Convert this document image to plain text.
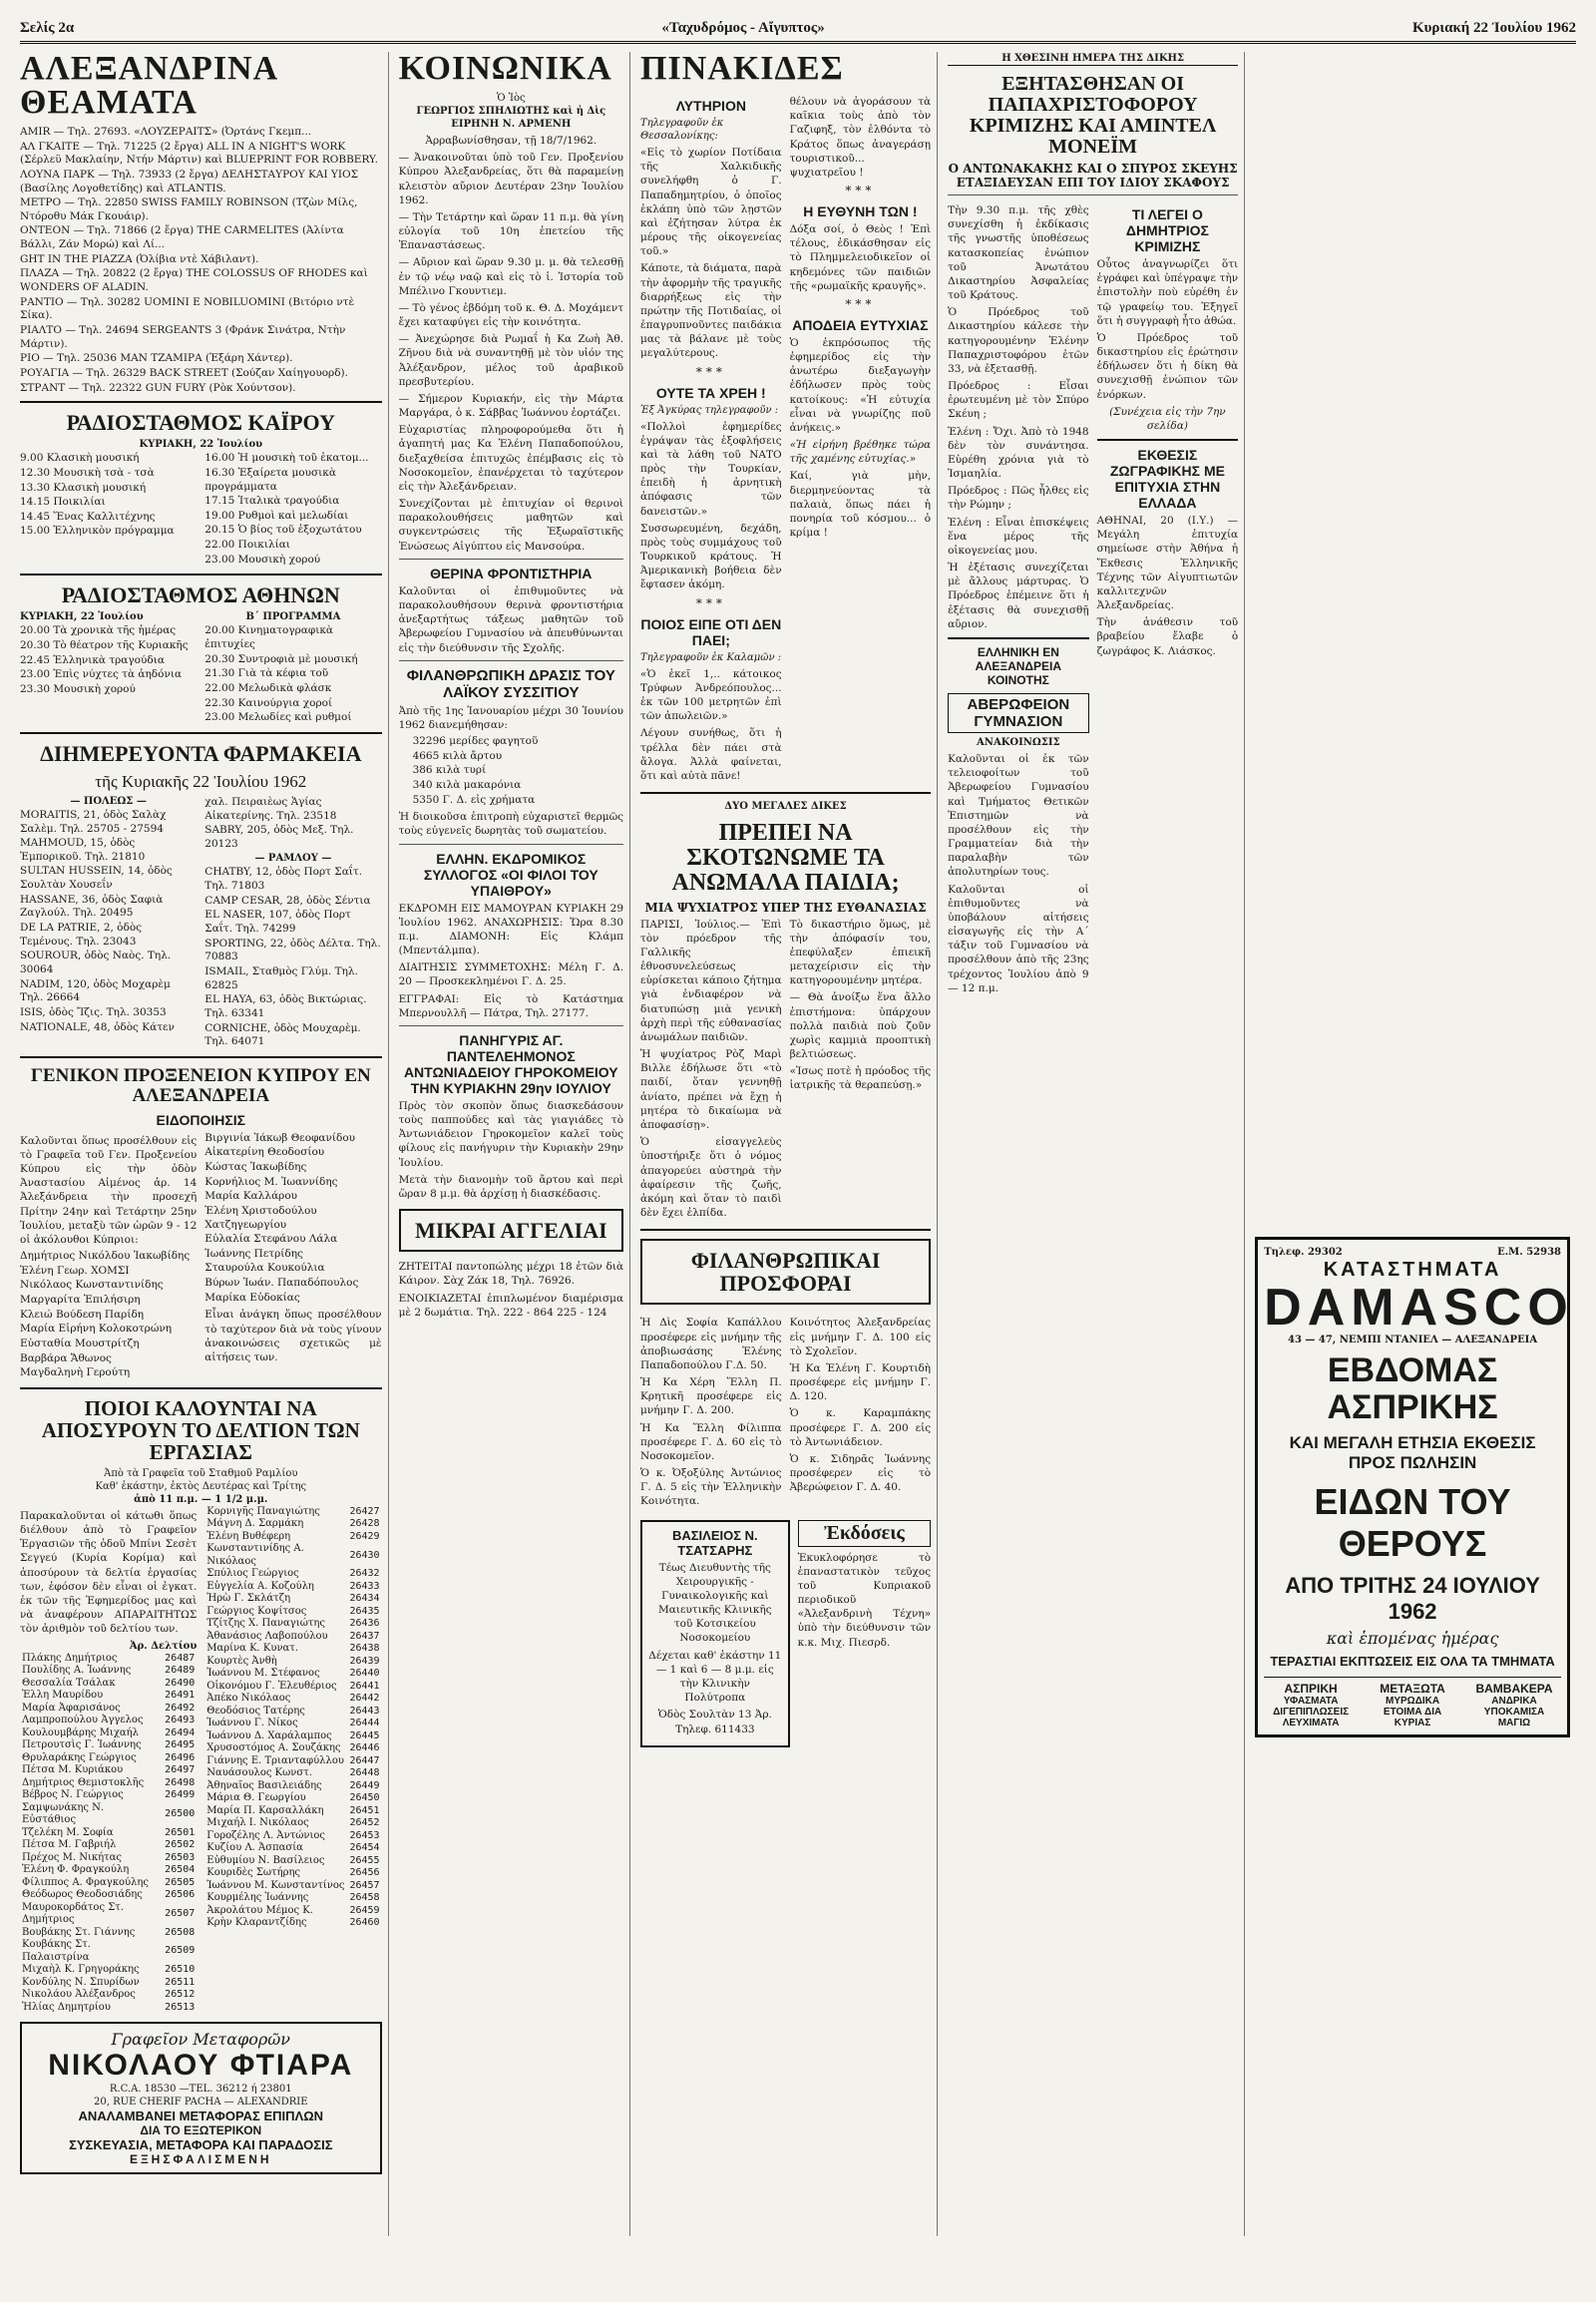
Σελίς 2α	«Ταχυδρόμος - Αἴγυπτος»	Κυριακή 22 Ἰουλίου 1962
ΑΛΕΞΑΝΔΡΙΝΑ ΘΕΑΜΑΤΑ
AMIR — Τηλ. 27693. «ΛΟΥΖΕΡΑΙΤΣ» (Ὀρτάνς Γκεμπ...
ΑΛ ΓΚΑΙΤΕ — Τηλ. 71225 (2 ἔργα) ALL IN A NIGHT'S WORK (Σέρλεϋ Μακλαίην, Ντήν Μάρτιν) καὶ BLUEPRINT FOR ROBBERY.
ΛΟΥΝΑ ΠΑΡΚ — Τηλ. 73933 (2 ἔργα) ΔΕΛΗΣΤΑΥΡΟΥ ΚΑΙ ΥΙΟΣ (Βασίλης Λογοθετίδης) καὶ ATLANTIS.
ΜΕΤΡΟ — Τηλ. 22850 SWISS FAMILY ROBINSON (Τζὼν Μίλς, Ντόροθυ Μάκ Γκουάιρ).
ΟΝΤΕΟΝ — Τηλ. 71866 (2 ἔργα) THE CARMELITES (Ἀλίντα Βάλλι, Ζάν Μορώ) καὶ Λί...
GHT IN THE PIAZZA (Ὀλίβια ντὲ Χάβιλαντ).
ΠΛΑΖΑ — Τηλ. 20822 (2 ἔργα) THE COLOSSUS OF RHODES καὶ WONDERS OF ALADIN.
ΡΑΝΤΙΟ — Τηλ. 30282 UOMINI E NOBILUOMINI (Βιτόριο ντὲ Σίκα).
ΡΙΑΛΤΟ — Τηλ. 24694 SERGEANTS 3 (Φράνκ Σινάτρα, Ντὴν Μάρτιν).
ΡΙΟ — Τηλ. 25036 ΜΑΝ ΤΖΑΜΙΡΑ (Ἐξάρη Χάντερ).
ΡΟΥΑΓΙΑ — Τηλ. 26329 BACK STREET (Σούζαν Χαίηγουορδ).
ΣΤΡΑΝΤ — Τηλ. 22322 GUN FURY (Ρὸκ Χούντσον).
ΡΑΔΙΟΣΤΑΘΜΟΣ ΚΑΪΡΟΥ
ΚΥΡΙΑΚΗ, 22 Ἰουλίου
9.00 Κλασικὴ μουσική
12.30 Μουσικὴ τσὰ - τσὰ
13.30 Κλασικὴ μουσική
14.15 Ποικιλίαι
14.45 Ἕνας Καλλιτέχνης
15.00 Ἑλληνικὸν πρόγραμμα
16.00 Ἡ μουσικὴ τοῦ ἑκατομ...
16.30 Ἐξαίρετα μουσικὰ προγράμματα
17.15 Ἰταλικὰ τραγούδια
19.00 Ρυθμοὶ καὶ μελωδίαι
20.15 Ὁ βίος τοῦ ἐξοχωτάτου
22.00 Ποικιλίαι
23.00 Μουσικὴ χορού
ΡΑΔΙΟΣΤΑΘΜΟΣ ΑΘΗΝΩΝ
ΚΥΡΙΑΚΗ, 22 Ἰουλίου	Β΄ ΠΡΟΓΡΑΜΜΑ
20.00 Τὰ χρονικὰ τῆς ἡμέρας
20.30 Τὸ θέατρον τῆς Κυριακῆς
22.45 Ἑλληνικὰ τραγούδια
23.00 Ἐπὶς νύχτες τὰ ἀηδόνια
23.30 Μουσικὴ χορού
20.00 Κινηματογραφικὰ ἐπιτυχίες
20.30 Συντροφιὰ μὲ μουσική
21.30 Γιὰ τὰ κέφια τοῦ
22.00 Μελωδικὰ φλάσκ
22.30 Καινούργια χοροί
23.00 Μελωδίες καὶ ρυθμοί
ΔΙΗΜΕΡΕΥΟΝΤΑ ΦΑΡΜΑΚΕΙΑ
τῆς Κυριακῆς 22 Ἰουλίου 1962
— ΠΟΛΕΩΣ —
MORAITIS, 21, ὁδὸς Σαλὰχ Σαλὲμ. Τηλ. 25705 - 27594
MAHMOUD, 15, ὁδὸς Ἐμπορικοῦ. Τηλ. 21810
SULTAN HUSSEIN, 14, ὁδὸς Σουλτὰν Χουσεΐν
HASSANE, 36, ὁδὸς Σαφιὰ Ζαγλούλ. Τηλ. 20495
DE LA PATRIE, 2, ὁδὸς Τεμένους. Τηλ. 23043
SOUROUR, ὁδὸς Ναὸς. Τηλ. 30064
NADIM, 120, ὁδὸς Μοχαρὲμ Τηλ. 26664
ISIS, ὁδὸς Ἴζις. Τηλ. 30353
NATIONALE, 48, ὁδὸς Κάτεν
χαλ. Πειραιὲως Ἁγίας Αἰκατερίνης. Τηλ. 23518
SABRY, 205, ὁδὸς Μεξ. Τηλ. 20123
— ΡΑΜΛΟΥ —
CHATBY, 12, ὁδὸς Πορτ Σαΐτ. Τηλ. 71803
CAMP CESAR, 28, ὁδὸς Σέντια
EL NASER, 107, ὁδὸς Πορτ Σαΐτ. Τηλ. 74299
SPORTING, 22, ὁδὸς Δέλτα. Τηλ. 70883
ISMAIL, Σταθμὸς Γλύμ. Τηλ. 62825
EL HAYA, 63, ὁδὸς Βικτώριας. Τηλ. 63341
CORNICHE, ὁδὸς Μουχαρὲμ. Τηλ. 64071
ΓΕΝΙΚΟΝ ΠΡΟΞΕΝΕΙΟΝ ΚΥΠΡΟΥ ΕΝ ΑΛΕΞΑΝΔΡΕΙΑ
ΕΙΔΟΠΟΙΗΣΙΣ

Καλοῦνται ὅπως προσέλθουν εἰς τὸ Γραφεῖα τοῦ Γεν. Προξενείου Κύπρου εἰς τὴν ὁδὸν Ἀναστασίου Αἰμένος ἀρ. 14 Ἀλεξάνδρεια τὴν προσεχῆ Πρίτην 24ην καὶ Τετάρτην 25ην Ἰουλίου, μεταξὺ τῶν ὡρῶν 9 - 12 οἱ ἀκόλουθοι Κύπριοι:

Δημήτριος Νικόλδου Ἰακωβίδης
Ἑλένη Γεωρ. ΧΟΜΣΙ
Νικόλαος Κωνσταντινίδης
Μαργαρίτα Ἐπιλήσιρη
Κλειώ Βούδεση Παρίδη
Μαρία Εἰρήνη Κολοκοτρώνη
Εὐσταθία Μουστρίτζη
Βαρβάρα Ἄθωνος
Μαγδαληνὴ Γερούτη
Βιργινία Ἰάκωβ Θεοφανίδου
Αἰκατερίνη Θεοδοσίου
Κώστας Ἰακωβίδης
Κορνήλιος Μ. Ἰωαννίδης
Μαρία Καλλάρου
Ἑλένη Χριστοδούλου Χατζηγεωργίου
Εὐλαλία Στεφάνου Λάλα
Ἰωάννης Πετρίδης
Σταυρούλα Κουκούλια
Βύρων Ἰωάν. Παπαδόπουλος
Μαρίκα Εὐδοκίας

Εἶναι ἀνάγκη ὅπως προσέλθουν τὸ ταχύτερον διὰ νὰ τοὺς γίνουν ἀνακοινώσεις σχετικῶς μὲ αἰτήσεις των.

ΠΟΙΟΙ ΚΑΛΟΥΝΤΑΙ ΝΑ ΑΠΟΣΥΡΟΥΝ ΤΟ ΔΕΛΤΙΟΝ ΤΩΝ ΕΡΓΑΣΙΑΣ
Ἀπὸ τὰ Γραφεῖα τοῦ Σταθμοῦ Ραμλίου
Καθ' ἑκάστην, ἐκτὸς Δευτέρας καὶ Τρίτης
ἀπὸ 11 π.μ. — 1 1/2 μ.μ.

Παρακαλοῦνται οἱ κάτωθι ὅπως διέλθουν ἀπὸ τὸ Γραφεῖον Ἐργασιῶν τῆς ὁδοῦ Μπίνι Σεσὲτ Σεγγεύ (Κυρία Κορίμα) καὶ ἀποσύρουν τὰ δελτία ἐργασίας των, ἐφόσον δὲν εἶναι οἱ ἐγκατ. ἐκ τῶν τῆς Ἐφημερίδος μας καὶ νὰ ἀναφέρουν ΑΠΑΡΑΙΤΗΤΩΣ τὸν ἀριθμὸν τοῦ δελτίου των.

Ἀρ. Δελτίου
Πλάκης Δημήτριος	26487
Πουλίδης Α. Ἰωάννης	26489
Θεσσαλία Τσάλακ	26490
Ἑλλη Μαυρίδου	26491
Μαρία Ἀφαρισάνος	26492
Λαμπροπούλου Ἀγγελος	26493
Κουλουμβάρης Μιχαήλ	26494
Πετρουτσὶς Γ. Ἰωάννης	26495
Θρυλαράκης Γεώργιος	26496
Πέτσα Μ. Κυριάκου	26497
Δημήτριος Θεμιστοκλῆς	26498
Βέβρος Ν. Γεώργιος	26499
Σαμψωνάκης Ν. Εὐστάθιος	26500
Τζελέκη Μ. Σοφία	26501
Πέτσα Μ. Γαβριήλ	26502
Πρέχος Μ. Νικήτας	26503
Ἑλένη Φ. Φραγκούλη	26504
Φίλιππος Α. Φραγκούλης	26505
Θεόδωρος Θεοδοσιάδης	26506
Μαυροκορδάτος Στ. Δημήτριος	26507
Βουβάκης Στ. Γιάννης	26508
Κουβάκης Στ. Παλαιστρίνα	26509
Μιχαὴλ Κ. Γρηγοράκης	26510
Κονδύλης Ν. Σπυρίδων	26511
Νικολάου Ἀλέξανδρος	26512
Ἠλίας Δημητρίου	26513
Κορνιγῆς Παναγιώτης	26427
Μάγνη Δ. Σαρμάκη	26428
Ἑλένη Βυθέφερη	26429
Κωνσταντινίδης Α. Νικόλαος	26430
Σπύλιος Γεώργιος	26432
Εὐγγελία Α. Κοζούλη	26433
Ἠρὼ Γ. Σκλάτζη	26434
Γεώργιος Κοψίτσος	26435
Τζίτζης Χ. Παναγιώτης	26436
Ἀθανάσιος Λαβοπούλου	26437
Μαρίνα Κ. Κυνατ.	26438
Κουρτὲς Ἀνθὴ	26439
Ἰωάννου Μ. Στέφανος	26440
Οἰκονόμου Γ. Ἐλευθέριος	26441
Ἀπέκο Νικόλαος	26442
Θεοδόσιος Τατέρης	26443
Ἰωάννου Γ. Νίκος	26444
Ἰωάννου Δ. Χαράλαμπος	26445
Χρυσοστόμος Α. Σουζάκης	26446
Γιάννης Ε. Τριανταφύλλου	26447
Ναυάσουλος Κωνστ.	26448
Ἀθηναῖος Βασιλειάδης	26449
Μάρια Θ. Γεωργίου	26450
Μαρία Π. Καρσαλλάκη	26451
Μιχαήλ Ι. Νικόλαος	26452
Γοροζέλης Λ. Ἀντώνιος	26453
Κυζίου Λ. Ἀσπασία	26454
Εὐθυμίου Ν. Βασίλειος	26455
Κουριδὲς Σωτήρης	26456
Ἰωάννου Μ. Κωνσταντίνος	26457
Κουρμέλης Ἰωάννης	26458
Ἀκρολάτου Μέμος Κ.	26459
Κρὴν Κλαραντζίδης	26460
Γραφεῖον Μεταφορῶν
ΝΙΚΟΛΑΟΥ ΦΤΙΑΡΑ
R.C.A. 18530 —TEL. 36212 ή 23801
20, RUE CHERIF PACHA — ALEXANDRIE
ΑΝΑΛΑΜΒΑΝΕΙ ΜΕΤΑΦΟΡΑΣ ΕΠΙΠΛΩΝ
ΔΙΑ ΤΟ ΕΞΩΤΕΡΙΚΟΝ
ΣΥΣΚΕΥΑΣΙΑ, ΜΕΤΑΦΟΡΑ ΚΑΙ ΠΑΡΑΔΟΣΙΣ
ΕΞΗΣΦΑΛΙΣΜΕΝΗ
ΚΟΙΝΩΝΙΚΑ
Ὁ Ἰὸς
ΓΕΩΡΓΙΟΣ ΣΠΗΛΙΩΤΗΣ καὶ ἡ Δὶς ΕΙΡΗΝΗ Ν. ΑΡΜΕΝΗ

Ἀρραβωνίσθησαν, τῇ 18/7/1962.

— Ἀνακοινοῦται ὑπὸ τοῦ Γεν. Προξενίου Κύπρου Ἀλεξανδρείας, ὅτι θὰ παραμείνῃ κλειστὸν αὔριον Δευτέραν 23ην Ἰουλίου 1962.

— Τὴν Τετάρτην καὶ ὥραν 11 π.μ. θὰ γίνη εὐλογία τοῦ 10η ἐπετείου τῆς Ἐπαναστάσεως.

— Αὔριον καὶ ὥραν 9.30 μ. μ. θὰ τελεσθῇ ἐν τῷ νέῳ ναῷ καὶ εἰς τὸ ἱ. Ἱστορία τοῦ Μπέλινο Γκουντιεμ.

— Τὸ γένος ἐβδόμη τοῦ κ. Θ. Δ. Μοχάμεντ ἔχει καταφύγει εἰς τὴν κοινότητα.

— Ἀνεχώρησε διὰ Ρωμαΐ ἡ Κα Ζωὴ Ἀθ. Ζῆνου διὰ νὰ συναντηθῇ μὲ τὸν υἱόν της Ἀλέξανδρον, μέλος τοῦ ἀραβικοῦ πρεσβυτερίου.

— Σήμερον Κυριακήν, εἰς τὴν Μάρτα Μαργάρα, ὁ κ. Σάββας Ἰωάννου ἑορτάζει.

Εὐχαριστίας πληροφορούμεθα ὅτι ἡ ἀγαπητή μας Κα Ἑλένη Παπαδοπούλου, διεξαχθείσα ἐπιτυχῶς ἐπέμβασις εἰς τὸ Νοσοκομεῖον, ἐπανέρχεται τὸ ταχύτερον εἰς τὴν Ἀλεξάνδρειαν.

Συνεχίζονται μὲ ἐπιτυχίαν οἱ θερινοὶ παρακολουθήσεις μαθητῶν καὶ συγκεντρώσεις τῆς Ἐξωραϊστικῆς Ἑνώσεως Αἰγύπτου εἰς Μανσούρα.

ΘΕΡΙΝΑ ΦΡΟΝΤΙΣΤΗΡΙΑ

Καλοῦνται οἱ ἐπιθυμοῦντες νὰ παρακολουθήσουν θερινὰ φροντιστήρια ἀνεξαρτήτως τάξεως μαθητῶν τοῦ Ἀβερωφείου Γυμνασίου νὰ ἀπευθύνωνται εἰς τὴν διεύθυνσιν τῆς Σχολῆς.

ΦΙΛΑΝΘΡΩΠΙΚΗ ΔΡΑΣΙΣ ΤΟΥ ΛΑΪΚΟΥ ΣΥΣΣΙΤΙΟΥ

Ἀπὸ τῆς 1ης Ἰανουαρίου μέχρι 30 Ἰουνίου 1962 διανεμήθησαν:

32296 μερίδες φαγητοῦ
4665 κιλὰ ἄρτου
386 κιλὰ τυρί
340 κιλὰ μακαρόνια
5350 Γ. Δ. εἰς χρήματα

Ἡ διοικοῦσα ἐπιτροπὴ εὐχαριστεῖ θερμῶς τοὺς εὐγενεῖς δωρητὰς τοῦ σωματείου.

ΕΛΛΗΝ. ΕΚΔΡΟΜΙΚΟΣ ΣΥΛΛΟΓΟΣ «ΟΙ ΦΙΛΟΙ ΤΟΥ ΥΠΑΙΘΡΟΥ»

ΕΚΔΡΟΜΗ ΕΙΣ ΜΑΜΟΥΡΑΝ ΚΥΡΙΑΚΗ 29 Ἰουλίου 1962. ΑΝΑΧΩΡΗΣΙΣ: Ὥρα 8.30 π.μ. ΔΙΑΜΟΝΗ: Εἰς Κλάμπ (Μπεντάλμπα).

ΔΙΑΙΤΗΣΙΣ ΣΥΜΜΕΤΟΧΗΣ: Μέλη Γ. Δ. 20 — Προσκεκλημένοι Γ. Δ. 25.

ΕΓΓΡΑΦΑΙ: Εἰς τὸ Κατάστημα Μπερνουλλῆ — Πάτρα, Τηλ. 27177.

ΠΑΝΗΓΥΡΙΣ ΑΓ. ΠΑΝΤΕΛΕΗΜΟΝΟΣ ΑΝΤΩΝΙΑΔΕΙΟΥ ΓΗΡΟΚΟΜΕΙΟΥ ΤΗΝ ΚΥΡΙΑΚΗΝ 29ην ΙΟΥΛΙΟΥ

Πρὸς τὸν σκοπὸν ὅπως διασκεδάσουν τοὺς παππούδες καὶ τὰς γιαγιάδες τὸ Ἀντωνιάδειον Γηροκομεῖον καλεῖ τοὺς φίλους εἰς πανήγυριν τὴν Κυριακὴν 29ην Ἰουλίου.

Μετὰ τὴν διανομὴν τοῦ ἄρτου καὶ περὶ ὥραν 8 μ.μ. θὰ ἀρχίσῃ ἡ διασκέδασις.

ΜΙΚΡΑΙ ΑΓΓΕΛΙΑΙ

ΖΗΤΕΙΤΑΙ παντοπώλης μέχρι 18 ἐτῶν διὰ Κάιρον. Σὰχ Ζάκ 18, Τηλ. 76926.

ΕΝΟΙΚΙΑΖΕΤΑΙ ἐπιπλωμένον διαμέρισμα μὲ 2 δωμάτια. Τηλ. 222 - 864 225 - 124

ΠΙΝΑΚΙΔΕΣ
ΛΥΤΗΡΙΟΝ
Τηλεγραφοῦν ἐκ Θεσσαλονίκης:

«Εἰς τὸ χωρίον Ποτίδαια τῆς Χαλκιδικῆς συνελήφθη ὁ Γ. Παπαδημητρίου, ὁ ὁποῖος ἐκλάπη ὑπὸ τῶν λῃστῶν καὶ ἐζήτησαν λύτρα ἐκ μέρους τῆς οἰκογενείας τοῦ.»

Κάποτε, τὰ διάματα, παρὰ τὴν ἀφορμὴν τῆς τραγικῆς διαρρήξεως εἰς τὴν πρώτην τῆς Ποτιδαίας, οἱ ἐπαγρυπνοῦντες παιδάκια μας τὰ βάλανε μὲ τοὺς μεγαλύτερους.

***
ΟΥΤΕ ΤΑ ΧΡΕΗ !
Ἐξ Ἀγκύρας τηλεγραφοῦν :

«Πολλοὶ ἐφημερίδες ἐγράψαν τὰς ἐξοφλήσεις καὶ τὰ λάθη τοῦ ΝΑΤΟ πρὸς τὴν Τουρκίαν, ἐπειδὴ ἡ ἀρνητικὴ ἀπόφασις τῶν δανειστῶν.»

Συσσωρευμένη, δεχάδη, πρὸς τοὺς συμμάχους τοῦ Τουρκικοῦ κράτους. Ἡ Ἀμερικανικὴ βοήθεια δὲν ἔφτασεν ἀκόμη.

***
ΠΟΙΟΣ ΕΙΠΕ ΟΤΙ ΔΕΝ ΠΑΕΙ;
Τηλεγραφοῦν ἐκ Καλαμῶν :

«Ὁ ἐκεῖ 1,.. κάτοικος Τρύφων Ἀνδρεόπουλος... ἐκ τῶν 100 μετρητῶν ἐπὶ τῶν ἀπωλειῶν.»

Λέγουν συνήθως, ὅτι ἡ τρέλλα δὲν πάει στὰ ἄλογα. Ἀλλὰ φαίνεται, ὅτι καὶ αὐτὰ πᾶνε!

θέλουν νὰ ἀγοράσουν τὰ καῖκια τοὺς ἀπὸ τὸν Γαζιφηξ, τὸν ἐλθόντα τὸ Κράτος ὅπως ἀναγεράσῃ τουριστικοῦ... ψυχιατρεῖου !

***
Η ΕΥΘΥΝΗ ΤΩΝ !

Δόξα σοί, ὁ Θεὸς ! Ἐπὶ τέλους, ἐδικάσθησαν εἰς τὸ Πλημμελειοδικεῖον οἱ κηδεμόνες τῶν παιδιῶν τῆς «ρωμαϊκῆς κραυγῆς».

***
ΑΠΟΔΕΙΑ ΕΥΤΥΧΙΑΣ

Ὁ ἐκπρόσωπος τῆς ἐφημερίδος εἰς τὴν ἀνωτέρω διεξαγωγὴν ἐδήλωσεν πρὸς τοὺς κατοίκους: «Ἡ εὐτυχία εἶναι νὰ γνωρίζης ποῦ ἀνήκεις.»

«Ἡ εἰρήνη βρέθηκε τώρα τῆς χαμένης εὐτυχίας.»

Καί, γιὰ μὴν, διερμηνεύοντας τὰ παλαιὰ, ὅπως πάει ἡ πονηρία τοῦ κόσμου... ὁ κρίμα !

ΔΥΟ ΜΕΓΑΛΕΣ ΔΙΚΕΣ
ΠΡΕΠΕΙ ΝΑ ΣΚΟΤΩΝΩΜΕ ΤΑ ΑΝΩΜΑΛΑ ΠΑΙΔΙΑ;
ΜΙΑ ΨΥΧΙΑΤΡΟΣ ΥΠΕΡ ΤΗΣ ΕΥΘΑΝΑΣΙΑΣ

ΠΑΡΙΣΙ, Ἰούλιος.— Ἐπὶ τὸν πρόεδρον τῆς Γαλλικῆς ἐθνοσυνελεύσεως εὑρίσκεται κάποιο ζήτημα γιὰ ἐνδιαφέρον νὰ διατυπώσῃ μιὰ γενικὴ ἀρχὴ περὶ τῆς εὐθανασίας ἀνωμάλων παιδιῶν.

Ἡ ψυχίατρος Ρὸζ Μαρὶ Βιλλε ἐδήλωσε ὅτι «τὸ παιδί, ὅταν γεννηθῇ ἀνίατο, πρέπει νὰ ἔχῃ ἡ μητέρα τὸ δικαίωμα νὰ ἀποφασίσῃ».

Ὁ εἰσαγγελεὺς ὑποστήριξε ὅτι ὁ νόμος ἀπαγορεύει αὐστηρὰ τὴν ἀφαίρεσιν τῆς ζωῆς, ἀκόμη καὶ ὅταν τὸ παιδὶ δὲν ἔχει ἐλπίδα.

Τὸ δικαστήριο ὅμως, μὲ τὴν ἀπόφασίν του, ἐπεφύλαξεν ἐπιεικῆ μεταχείρισιν εἰς τὴν κατηγορουμένην μητέρα.

— Θὰ ἀνοίξω ἕνα ἄλλο ἐπιστήμονα: ὑπάρχουν πολλὰ παιδιὰ ποὺ ζοῦν χωρὶς καμμιὰ προοπτικὴ βελτιώσεως.

«Ἰσως ποτὲ ἡ πρόοδος τῆς ἰατρικῆς τὰ θεραπεύσῃ.»

ΦΙΛΑΝΘΡΩΠΙΚΑΙ ΠΡΟΣΦΟΡΑΙ

Ἡ Δὶς Σοφία Καπάλλου προσέφερε εἰς μνήμην τῆς ἀποβιωσάσης Ἑλένης Παπαδοπούλου Γ.Δ. 50.

Ἡ Κα Χέρη Ἕλλη Π. Κρητικῆ προσέφερε εἰς μνήμην Γ. Δ. 200.

Ἡ Κα Ἕλλη Φίλιππα προσέφερε Γ. Δ. 60 εἰς τὸ Νοσοκομεῖον.

Ὁ κ. Ὀξοξύλης Ἀντώνιος Γ. Δ. 5 εἰς τὴν Ἑλληνικὴν Κοινότητα.

Κοινότητος Ἀλεξανδρείας εἰς μνήμην Γ. Δ. 100 εἰς τὸ Σχολεῖον.

Ἡ Κα Ἑλένη Γ. Κουρτιδὴ προσέφερε εἰς μνήμην Γ. Δ. 120.

Ὁ κ. Καραμπάκης προσέφερε Γ. Δ. 200 εἰς τὸ Ἀντωνιάδειον.

Ὁ κ. Σιδηρᾶς Ἰωάννης προσέφερεν εἰς τὸ Ἀβερώφειον Γ. Δ. 40.

ΒΑΣΙΛΕΙΟΣ Ν. ΤΣΑΤΣΑΡΗΣ

Τέως Διευθυντὴς τῆς Χειρουργικῆς - Γυναικολογικῆς καὶ Μαιευτικῆς Κλινικῆς τοῦ Κοτσικείου Νοσοκομείου

Δέχεται καθ' ἑκάστην 11 — 1 καὶ 6 — 8 μ.μ. εἰς τὴν Κλινικὴν Πολύτροπα

Ὁδὸς Σουλτὰν 13 Ἀρ. Τηλεφ. 611433

Ἐκδόσεις

Ἐκυκλοφόρησε τὸ ἐπαναστατικὸν τεῦχος τοῦ Κυπριακοῦ περιοδικοῦ «Ἀλεξανδρινὴ Τέχνη» ὑπὸ τὴν διεύθυνσιν τῶν κ.κ. Μιχ. Πιεσρδ.

Η ΧΘΕΣΙΝΗ ΗΜΕΡΑ ΤΗΣ ΔΙΚΗΣ
ΕΞΗΤΑΣΘΗΣΑΝ ΟΙ ΠΑΠΑΧΡΙΣΤΟΦΟΡΟΥ ΚΡΙΜΙΖΗΣ ΚΑΙ ΑΜΙΝΤΕΛ ΜΟΝΕΪΜ
Ο ΑΝΤΩΝΑΚΑΚΗΣ ΚΑΙ Ο ΣΠΥΡΟΣ ΣΚΕΥΗΣ ΕΤΑΞΙΔΕΥΣΑΝ ΕΠΙ ΤΟΥ ΙΔΙΟΥ ΣΚΑΦΟΥΣ

Τὴν 9.30 π.μ. τῆς χθὲς συνεχίσθη ἡ ἐκδίκασις τῆς γνωστῆς ὑποθέσεως κατασκοπείας ἐνώπιον τοῦ Ἀνωτάτου Δικαστηρίου Ἀσφαλείας τοῦ Κράτους.

Ὁ Πρόεδρος τοῦ Δικαστηρίου κάλεσε τὴν κατηγορουμένην Ἑλένην Παπαχριστοφόρου ἐτῶν 33, νὰ ἐξετασθῇ.

Πρόεδρος : Εἶσαι ἐρωτευμένη μὲ τὸν Σπύρο Σκέυη ;

Ἑλένη : Ὄχι. Ἀπὸ τὸ 1948 δὲν τὸν συνάντησα. Εὑρέθη χρόνια γιὰ τὸ Ἱσμαηλία.

Πρόεδρος : Πῶς ἦλθες εἰς τὴν Ρώμην ;

Ἑλένη : Εἶναι ἐπισκέψεις ἕνα μέρος τῆς οἰκογενείας μου.

Ἡ ἐξέτασις συνεχίζεται μὲ ἄλλους μάρτυρας. Ὁ Πρόεδρος ἐπέμεινε ὅτι ἡ ἐξέτασις θὰ συνεχισθῇ αὔριον.

ΕΛΛΗΝΙΚΗ ΕΝ ΑΛΕΞΑΝΔΡΕΙΑ ΚΟΙΝΟΤΗΣ
ΑΒΕΡΩΦΕΙΟΝ ΓΥΜΝΑΣΙΟΝ
ΑΝΑΚΟΙΝΩΣΙΣ

Καλοῦνται οἱ ἐκ τῶν τελειοφοίτων τοῦ Ἀβερωφείου Γυμνασίου καὶ Τμήματος Θετικῶν Ἐπιστημῶν νὰ προσέλθουν εἰς τὴν Γραμματείαν διὰ τὴν παραλαβὴν τῶν ἀπολυτηρίων τους.

Καλοῦνται οἱ ἐπιθυμοῦντες νὰ ὑποβάλουν αἰτήσεις εἰσαγωγῆς εἰς τὴν Α΄ τάξιν τοῦ Γυμνασίου νὰ προσέλθουν ἀπὸ τῆς 23ης τρέχοντος Ἰουλίου ἀπὸ 9 — 12 π.μ.

ΤΙ ΛΕΓΕΙ Ο ΔΗΜΗΤΡΙΟΣ ΚΡΙΜΙΖΗΣ

Οὗτος ἀναγνωρίζει ὅτι ἐγράφει καὶ ὑπέγραψε τὴν ἐπιστολὴν ποὺ εὑρέθη ἐν τῷ γραφείῳ του. Ἐξηγεῖ ὅτι ἡ συγγραφὴ ἦτο ἀθώα.

Ὁ Πρόεδρος τοῦ δικαστηρίου εἰς ἐρώτησιν ἐδήλωσεν ὅτι ἡ δίκη θὰ συνεχισθῇ ἐνώπιον τῶν ἐνόρκων.

(Συνέχεια εἰς τὴν 7ην σελίδα)

ΕΚΘΕΣΙΣ ΖΩΓΡΑΦΙΚΗΣ ΜΕ ΕΠΙΤΥΧΙΑ ΣΤΗΝ ΕΛΛΑΔΑ

ΑΘΗΝΑΙ, 20 (Ι.Υ.) — Μεγάλη ἐπιτυχία σημείωσε στὴν Ἀθήνα ἡ Ἔκθεσις Ἑλληνικῆς Τέχνης τῶν Αἰγυπτιωτῶν καλλιτεχνῶν Ἀλεξανδρείας.

Τὴν ἀνάθεσιν τοῦ βραβείου ἔλαβε ὁ ζωγράφος Κ. Λιάσκος.

Τηλεφ. 29302	Ε.Μ. 52938
ΚΑΤΑΣΤΗΜΑΤΑ
DAMASCO
43 — 47, ΝΕΜΠΙ ΝΤΑΝΙΕΛ — ΑΛΕΞΑΝΔΡΕΙΑ
ΕΒΔΟΜΑΣ ΑΣΠΡΙΚΗΣ
ΚΑΙ ΜΕΓΑΛΗ ΕΤΗΣΙΑ ΕΚΘΕΣΙΣ ΠΡΟΣ ΠΩΛΗΣΙΝ
ΕΙΔΩΝ ΤΟΥ ΘΕΡΟΥΣ
ΑΠΟ ΤΡΙΤΗΣ 24 ΙΟΥΛΙΟΥ 1962
καὶ ἑπομένας ἡμέρας
ΤΕΡΑΣΤΙΑΙ ΕΚΠΤΩΣΕΙΣ ΕΙΣ ΟΛΑ ΤΑ ΤΜΗΜΑΤΑ
ΑΣΠΡΙΚΗ
ΥΦΑΣΜΑΤΑ ΔΙΓΕΠΙΠΛΩΣΕΙΣ
ΛΕΥΧΙΜΑΤΑ
ΜΕΤΑΞΩΤΑ
ΜΥΡΩΔΙΚΑ
ΕΤΟΙΜΑ ΔΙΑ ΚΥΡΙΑΣ
ΒΑΜΒΑΚΕΡΑ
ΑΝΔΡΙΚΑ ΥΠΟΚΑΜΙΣΑ
ΜΑΓΙΩ
